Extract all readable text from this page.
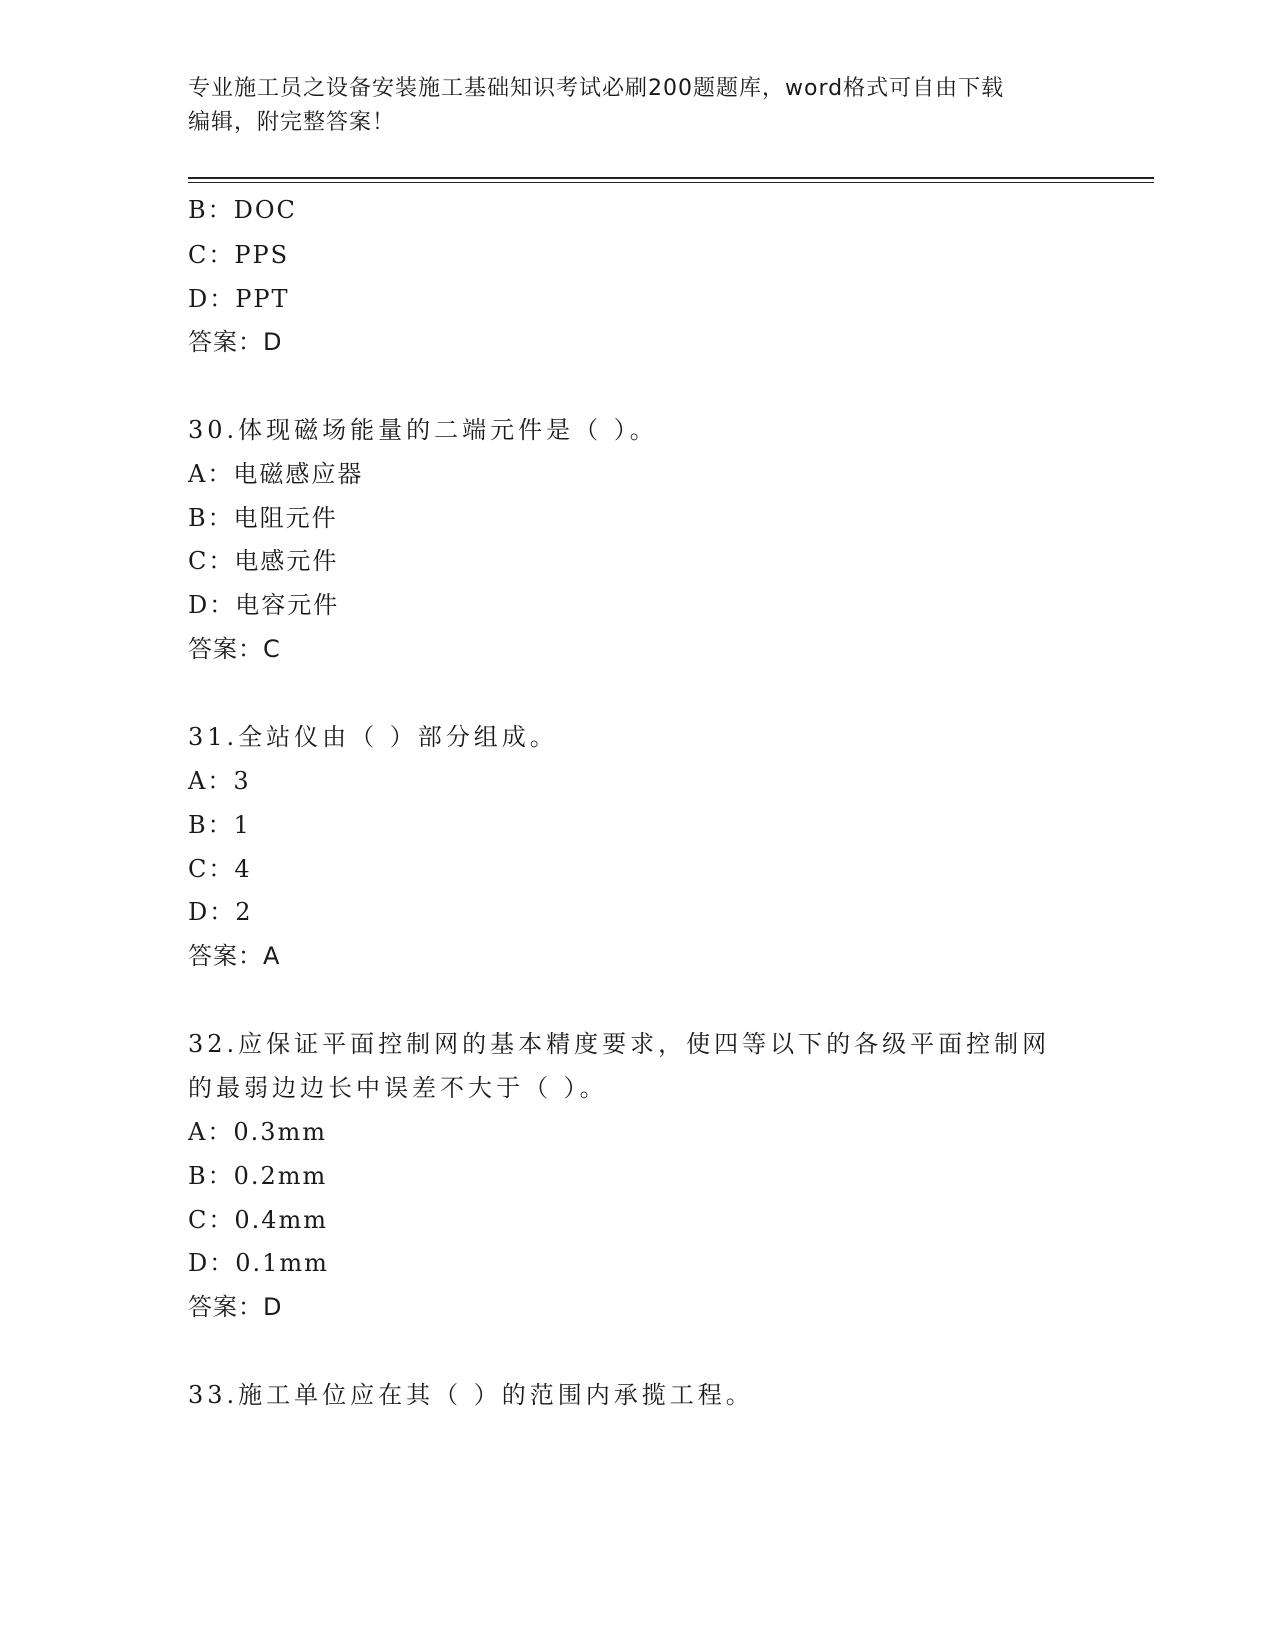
专业施工员之设备安装施工基础知识考试必刷200题题库，word格式可自由下载

编辑，附完整答案！

B：DOC
C：PPS
D：PPT
答案：D
30.体现磁场能量的二端元件是（ ）。
A：电磁感应器
B：电阻元件
C：电感元件
D：电容元件
答案：C
31.全站仪由（ ）部分组成。
A：3
B：1
C：4
D：2
答案：A
32.应保证平面控制网的基本精度要求，使四等以下的各级平面控制网
的最弱边边长中误差不大于（ ）。
A：0.3mm
B：0.2mm
C：0.4mm
D：0.1mm
答案：D
33.施工单位应在其（ ）的范围内承揽工程。
